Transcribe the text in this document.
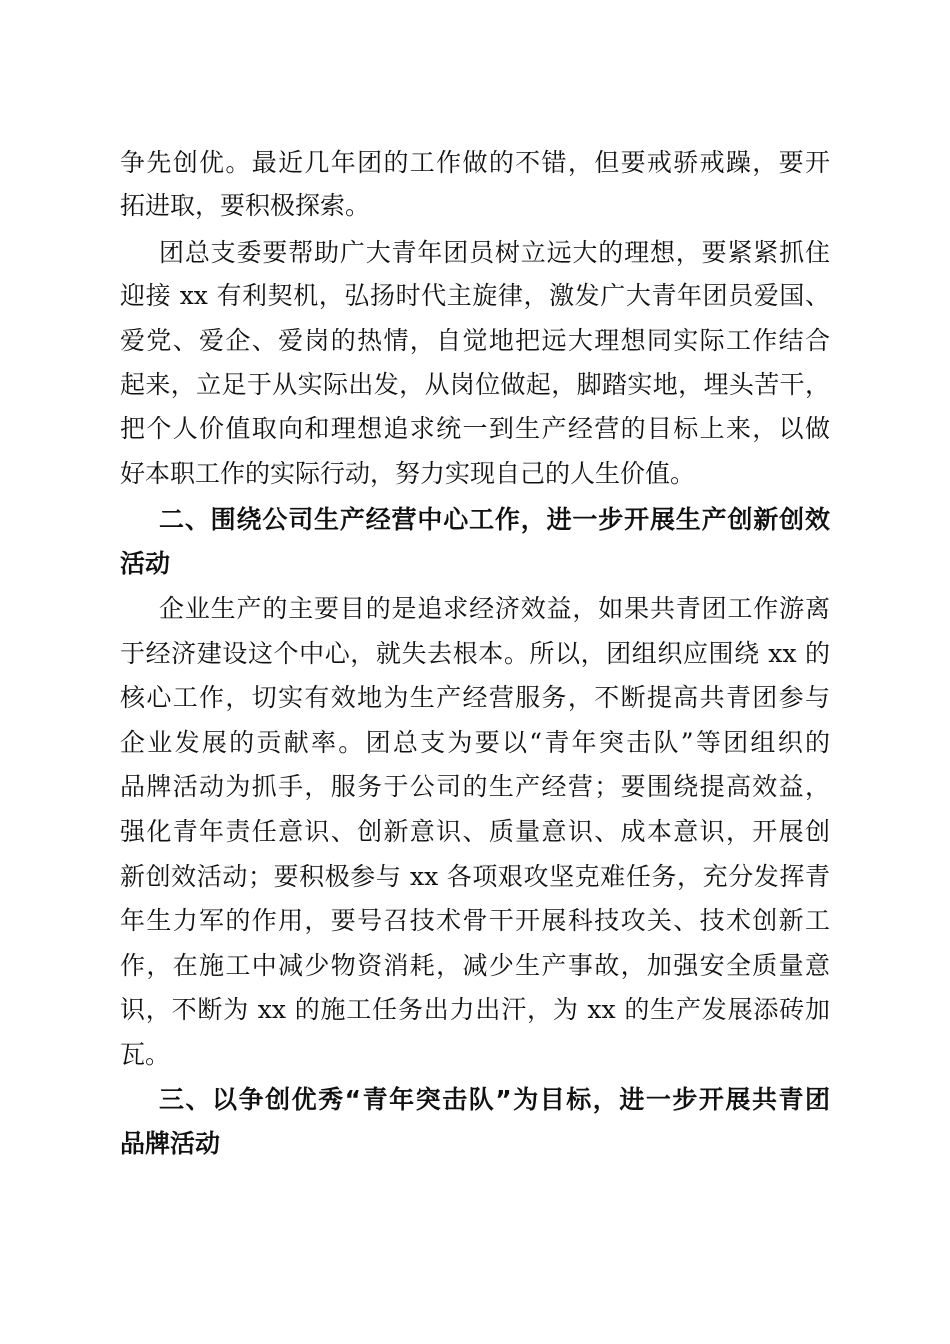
争先创优。最近几年团的工作做的不错，但要戒骄戒躁，要开
拓进取，要积极探索。
团总支委要帮助广大青年团员树立远大的理想，要紧紧抓住
迎接 xx 有利契机，弘扬时代主旋律，激发广大青年团员爱国、
爱党、爱企、爱岗的热情，自觉地把远大理想同实际工作结合
起来，立足于从实际出发，从岗位做起，脚踏实地，埋头苦干，
把个人价值取向和理想追求统一到生产经营的目标上来，以做
好本职工作的实际行动，努力实现自己的人生价值。
二、围绕公司生产经营中心工作，进一步开展生产创新创效
活动
企业生产的主要目的是追求经济效益，如果共青团工作游离
于经济建设这个中心，就失去根本。所以，团组织应围绕 xx 的
核心工作，切实有效地为生产经营服务，不断提高共青团参与
企业发展的贡献率。团总支为要以“青年突击队”等团组织的
品牌活动为抓手，服务于公司的生产经营；要围绕提高效益，
强化青年责任意识、创新意识、质量意识、成本意识，开展创
新创效活动；要积极参与 xx 各项艰攻坚克难任务，充分发挥青
年生力军的作用，要号召技术骨干开展科技攻关、技术创新工
作，在施工中减少物资消耗，减少生产事故，加强安全质量意
识，不断为 xx 的施工任务出力出汗，为 xx 的生产发展添砖加
瓦。
三、以争创优秀“青年突击队”为目标，进一步开展共青团
品牌活动
